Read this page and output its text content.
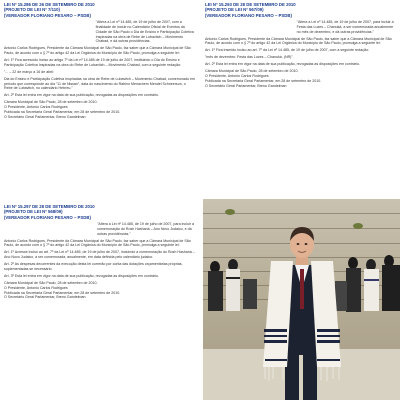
LEI Nº 15.286 DE 26 DE SETEMBRO DE 2010
(PROJETO DE LEI Nº 7/110)
(VEREADOR FLORIANO PESARO – PSDB)
"Altera a Lei nº 14.485, de 19 de julho de 2007, com a finalidade de incluir no Calendário Oficial de Eventos da Cidade de São Paulo o Dia de Ensino e Participação Coletiva Inspiradas na obra de Rebe de Lubavitch – Movimento Chabad, e dá outras providências.

Antonio Carlos Rodrigues, Presidente da Câmara Municipal de São Paulo, faz saber que a Câmara Municipal de São Paulo, de acordo com o § 7º do artigo 42 da Lei Orgânica do Município de São Paulo, promulga a seguinte lei:

Art. 1º Fica acrescido inciso ao artigo 7º da Lei nº 14.485 de 19 de julho de 2007, instituindo o Dia do Ensino e Participação Coletiva Inspiradas na obra do Rebe de Lubavitch – Movimento Chabad, com a seguinte redação:

"... – 22 de março a 16 de abril:

Dia do Ensino e Participação Coletiva Inspiradas na obra de Rebe de Lubavitch – Movimento Chabad, comemorado em período que corresponde ao dia "11 de Nissan", data do nascimento do Rabino Menachem Mendel Schneerson, o Rebe de Lubavitch, no calendário Hebreu."

Art. 2º Esta lei entra em vigor na data de sua publicação, revogadas as disposições em contrário.

Câmara Municipal de São Paulo, 28 de setembro de 2010.
O Presidente, Antonio Carlos Rodrigues
Publicada na Secretaria Geral Parlamentar, em 28 de setembro de 2010.
O Secretário Geral Parlamentar, Breno Gandelman
LEI Nº 15.293 DE 28 DE SETEMBRO DE 2010
(PROJETO DE LEI Nº 567/09)
(VEREADOR FLORIANO PESARO – PSDB)
"Altera a Lei nº 14.485, de 19 de julho de 2007, para incluir a Festa das Luzes – Chanuká, a ser comemorada anualmente no mês de dezembro, e dá outras providências."

Antonio Carlos Rodrigues, Presidente da Câmara Municipal de São Paulo, faz saber que a Câmara Municipal de São Paulo, de acordo com o § 7º do artigo 42 da Lei Orgânica do Município de São Paulo, promulga a seguinte lei:

Art. 1º Fica inserido inciso ao art. 7º da Lei nº 14.485, de 19 de julho de 2007, com a seguinte redação:

"mês de dezembro: Festa das Luzes – Chanuká. (NR)"

Art. 2º Esta lei entra em vigor na data de sua publicação, revogadas as disposições em contrário.

Câmara Municipal de São Paulo, 28 de setembro de 2010.
O Presidente, Antonio Carlos Rodrigues
Publicada na Secretaria Geral Parlamentar, em 28 de setembro de 2010.
O Secretário Geral Parlamentar, Breno Gandelman
LEI Nº 15.297 DE 28 DE SETEMBRO DE 2010
(PROJETO DE LEI Nº 568/09)
(VEREADOR FLORIANO PESARO – PSDB)
"Altera a Lei nº 14.485, de 19 de julho de 2007, para incluir a comemoração do Rosh Hashaná – Ano Novo Judaico, e dá outras providências."

Antonio Carlos Rodrigues, Presidente da Câmara Municipal de São Paulo, faz saber que a Câmara Municipal de São Paulo, de acordo com o § 7º do artigo 42 da Lei Orgânica do Município de São Paulo, promulga a seguinte lei:

Art. 1º Acresce inciso ao art. 7º da Lei nº 14.485, de 19 de julho de 2007, incluindo a comemoração do Rosh Hashaná – Ano Novo Judaico, a ser comemorada, anualmente, em data definida pelo calendário judaico.

Art. 2º As despesas decorrentes da execução desta lei correrão por conta das dotações orçamentárias próprias, suplementadas se necessário.

Art. 3º Esta lei entra em vigor na data de sua publicação, revogadas as disposições em contrário.

Câmara Municipal de São Paulo, 28 de setembro de 2010.
O Presidente, Antonio Carlos Rodrigues
Publicada na Secretaria Geral Parlamentar, em 28 de setembro de 2010.
O Secretário Geral Parlamentar, Breno Gandelman
